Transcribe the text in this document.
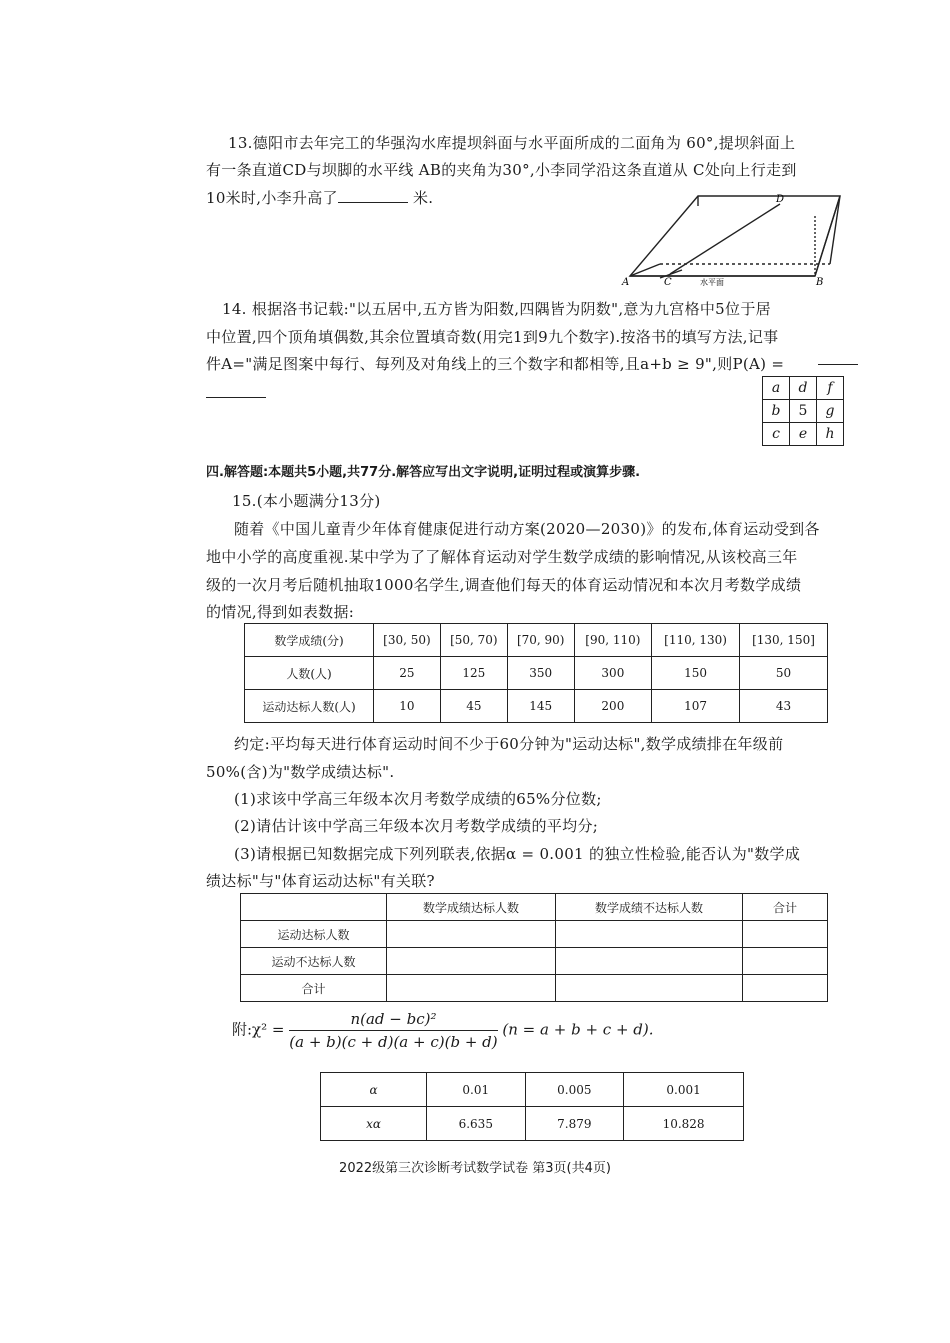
13.德阳市去年完工的华强沟水库提坝斜面与水平面所成的二面角为 60°,提坝斜面上
有一条直道CD与坝脚的水平线 AB的夹角为30°,小李同学沿这条直道从 C处向上行走到
10米时,小李升高了	米.
A	B
C
D
水平面
14. 根据洛书记载:"以五居中,五方皆为阳数,四隅皆为阴数",意为九宫格中5位于居
中位置,四个顶角填偶数,其余位置填奇数(用完1到9九个数字).按洛书的填写方法,记事
件A="满足图案中每行、每列及对角线上的三个数字和都相等,且a+b ≥ 9",则P(A) =
a	d	f
b	5	g
c	e	h
四.解答题:本题共5小题,共77分.解答应写出文字说明,证明过程或演算步骤.
15.(本小题满分13分)
随着《中国儿童青少年体育健康促进行动方案(2020—2030)》的发布,体育运动受到各
地中小学的高度重视.某中学为了了解体育运动对学生数学成绩的影响情况,从该校高三年
级的一次月考后随机抽取1000名学生,调查他们每天的体育运动情况和本次月考数学成绩
的情况,得到如表数据:
数学成绩(分)	[30, 50)	[50, 70)	[70, 90)	[90, 110)	[110, 130)	[130, 150]
人数(人)	25	125	350	300	150	50
运动达标人数(人)	10	45	145	200	107	43
约定:平均每天进行体育运动时间不少于60分钟为"运动达标",数学成绩排在年级前
50%(含)为"数学成绩达标".
(1)求该中学高三年级本次月考数学成绩的65%分位数;
(2)请估计该中学高三年级本次月考数学成绩的平均分;
(3)请根据已知数据完成下列列联表,依据α = 0.001 的独立性检验,能否认为"数学成
绩达标"与"体育运动达标"有关联?
	数学成绩达标人数	数学成绩不达标人数	合计
运动达标人数			
运动不达标人数			
合计			
附:χ² = $\frac{\text{n(ad − bc)²}}{(a + b)(c + d)(a + c)(b + d)} (n = a + b + c + d)$.
α	0.01	0.005	0.001
xα	6.635	7.879	10.828
2022级第三次诊断考试数学试卷 第3页(共4页)
